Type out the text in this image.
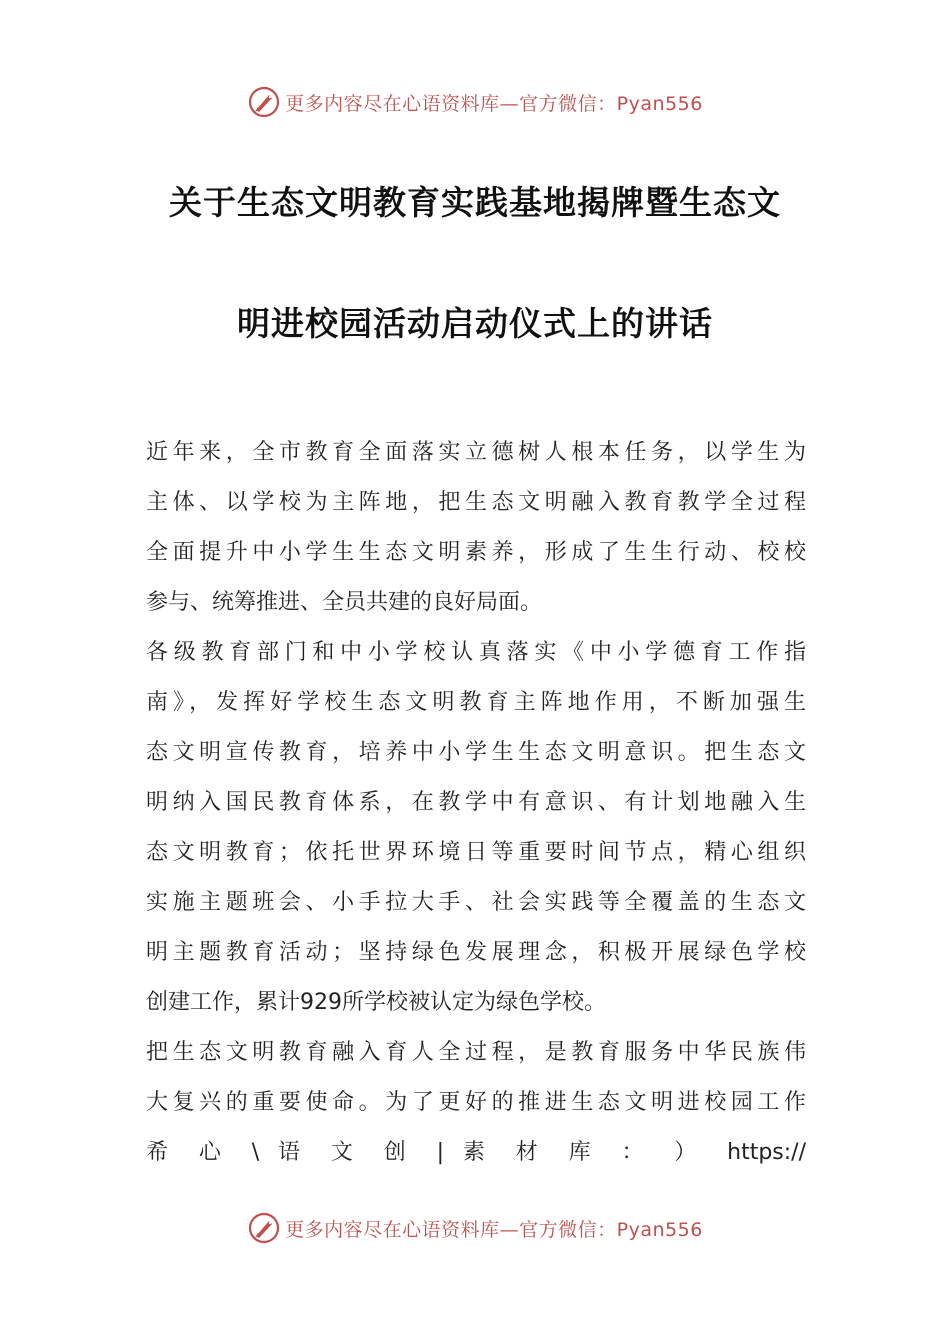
更多内容尽在心语资料库—官方微信：Pyan556
关于生态文明教育实践基地揭牌暨生态文
明进校园活动启动仪式上的讲话
近年来，全市教育全面落实立德树人根本任务，以学生为
主体、以学校为主阵地，把生态文明融入教育教学全过程
全面提升中小学生生态文明素养，形成了生生行动、校校
参与、统筹推进、全员共建的良好局面。
各级教育部门和中小学校认真落实《中小学德育工作指
南》，发挥好学校生态文明教育主阵地作用，不断加强生
态文明宣传教育，培养中小学生生态文明意识。把生态文
明纳入国民教育体系，在教学中有意识、有计划地融入生
态文明教育；依托世界环境日等重要时间节点，精心组织
实施主题班会、小手拉大手、社会实践等全覆盖的生态文
明主题教育活动；坚持绿色发展理念，积极开展绿色学校
创建工作，累计929所学校被认定为绿色学校。
把生态文明教育融入育人全过程，是教育服务中华民族伟
大复兴的重要使命。为了更好的推进生态文明进校园工作
希 心 \ 语 文 创 | 素 材 库 ： ） https://
更多内容尽在心语资料库—官方微信：Pyan556
